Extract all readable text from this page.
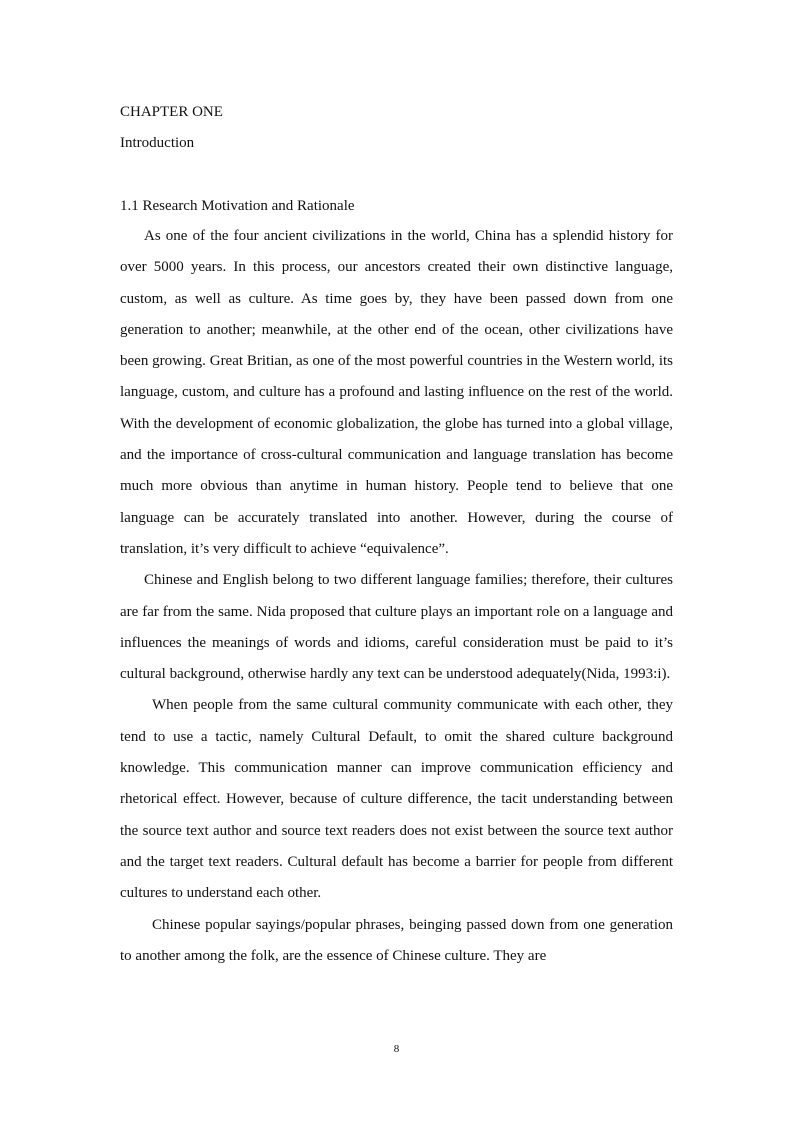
CHAPTER ONE
Introduction
1.1 Research Motivation and Rationale

As one of the four ancient civilizations in the world, China has a splendid history for over 5000 years. In this process, our ancestors created their own distinctive language, custom, as well as culture. As time goes by, they have been passed down from one generation to another; meanwhile, at the other end of the ocean, other civilizations have been growing. Great Britian, as one of the most powerful countries in the Western world, its language, custom, and culture has a profound and lasting influence on the rest of the world. With the development of economic globalization, the globe has turned into a global village, and the importance of cross-cultural communication and language translation has become much more obvious than anytime in human history. People tend to believe that one language can be accurately translated into another. However, during the course of translation, it’s very difficult to achieve “equivalence”.

Chinese and English belong to two different language families; therefore, their cultures are far from the same. Nida proposed that culture plays an important role on a language and influences the meanings of words and idioms, careful consideration must be paid to it’s cultural background, otherwise hardly any text can be understood adequately(Nida, 1993:i).

When people from the same cultural community communicate with each other, they tend to use a tactic, namely Cultural Default, to omit the shared culture background knowledge. This communication manner can improve communication efficiency and rhetorical effect. However, because of culture difference, the tacit understanding between the source text author and source text readers does not exist between the source text author and the target text readers. Cultural default has become a barrier for people from different cultures to understand each other.

Chinese popular sayings/popular phrases, beinging passed down from one generation to another among the folk, are the essence of Chinese culture. They are

8
